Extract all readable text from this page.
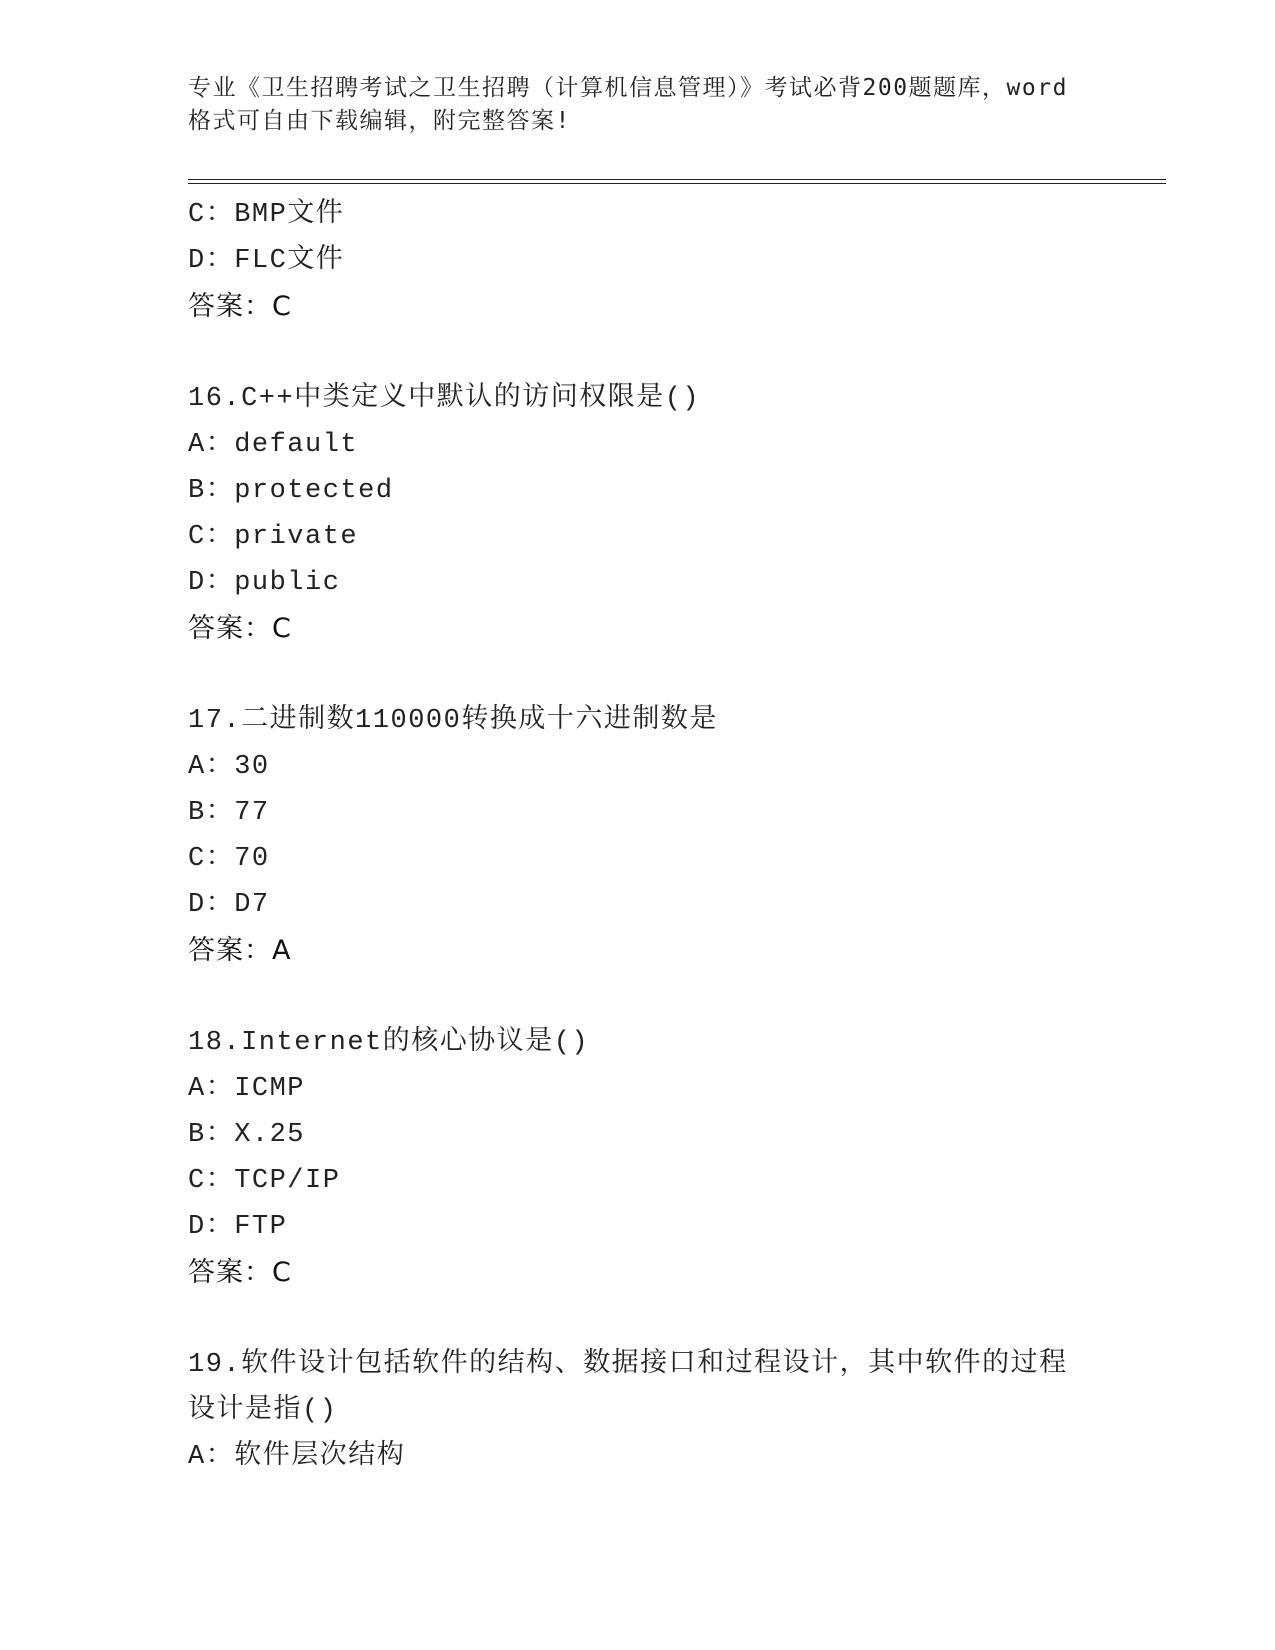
专业《卫生招聘考试之卫生招聘（计算机信息管理）》考试必背200题题库，word
格式可自由下载编辑，附完整答案!
C：BMP文件
D：FLC文件
答案：C
16.C++中类定义中默认的访问权限是()
A：default
B：protected
C：private
D：public
答案：C
17.二进制数110000转换成十六进制数是
A：30
B：77
C：70
D：D7
答案：A
18.Internet的核心协议是()
A：ICMP
B：X.25
C：TCP/IP
D：FTP
答案：C
19.软件设计包括软件的结构、数据接口和过程设计，其中软件的过程
设计是指()
A：软件层次结构
